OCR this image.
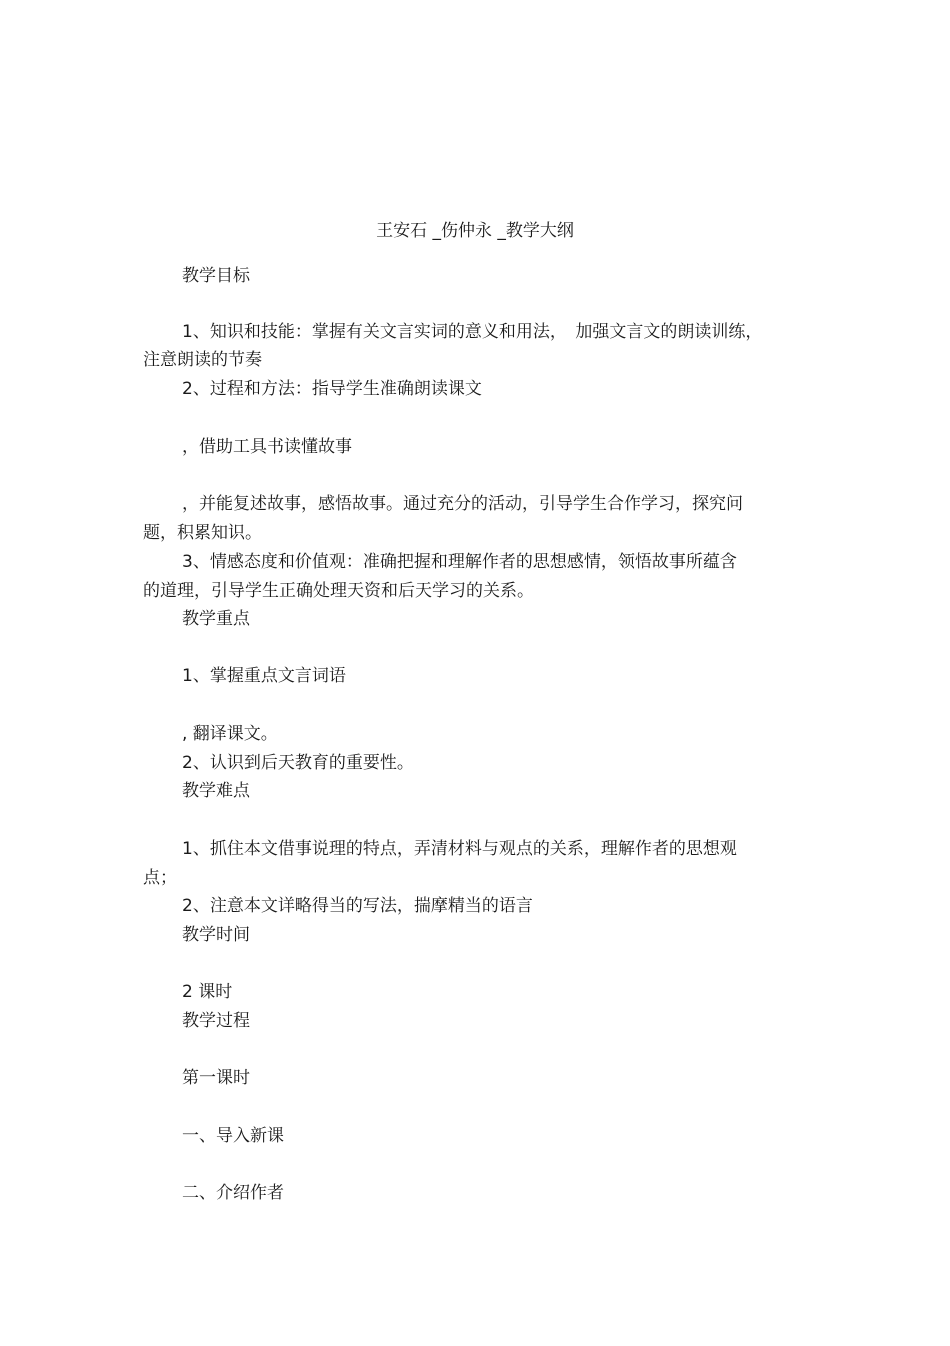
王安石 _伤仲永 _教学大纲
教学目标
1、知识和技能：掌握有关文言实词的意义和用法，　加强文言文的朗读训练，
注意朗读的节奏
2、过程和方法：指导学生准确朗读课文
，借助工具书读懂故事
，并能复述故事，感悟故事。通过充分的活动，引导学生合作学习，探究问
题，积累知识。
3、情感态度和价值观：准确把握和理解作者的思想感情，领悟故事所蕴含
的道理，引导学生正确处理天资和后天学习的关系。
教学重点
1、掌握重点文言词语
, 翻译课文。
2、认识到后天教育的重要性。
教学难点
1、抓住本文借事说理的特点，弄清材料与观点的关系，理解作者的思想观
点；
2、注意本文详略得当的写法，揣摩精当的语言
教学时间
2 课时
教学过程
第一课时
一、导入新课
二、介绍作者
